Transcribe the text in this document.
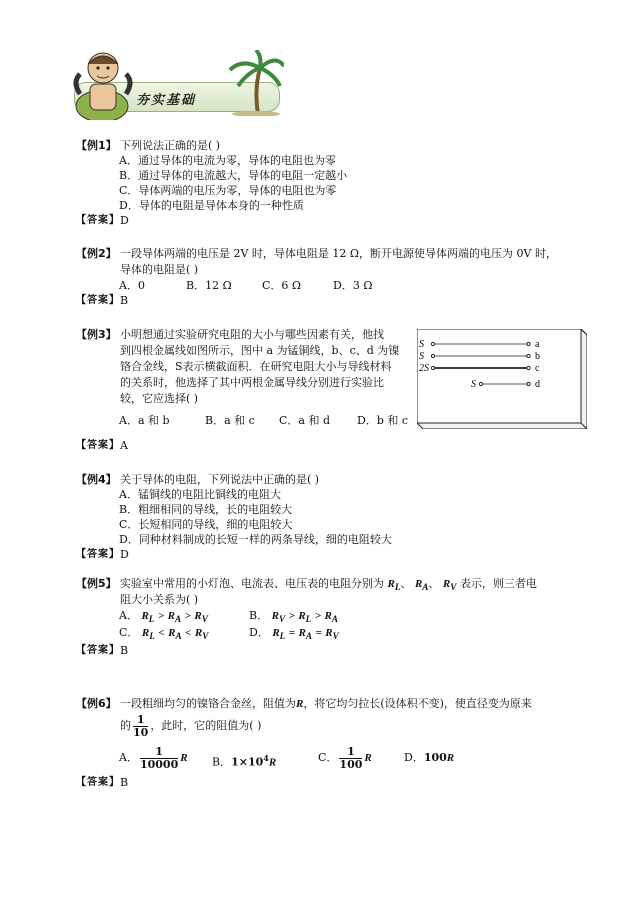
夯实基础
【例1】 下列说法正确的是( )
A．通过导体的电流为零，导体的电阻也为零
B．通过导体的电流越大，导体的电阻一定越小
C．导体两端的电压为零，导体的电阻也为零
D．导体的电阻是导体本身的一种性质
【答案】 D
【例2】 一段导体两端的电压是 2V 时，导体电阻是 12 Ω，断开电源使导体两端的电压为 0V 时，
导体的电阻是( )
A．0	B．12 Ω	C．6 Ω	D．3 Ω
【答案】 B
【例3】 小明想通过实验研究电阻的大小与哪些因素有关，他找
到四根金属线如图所示，图中 a 为锰铜线，b、c、d 为镍
铬合金线，S表示横截面积．在研究电阻大小与导线材料
的关系时，他选择了其中两根金属导线分别进行实验比
较，它应选择( )
A．a 和 b	B．a 和 c C．a 和 d D．b 和 c
【答案】 A
S
S
2S
S
a
b
c
d
【例4】 关于导体的电阻，下列说法中正确的是( )
A．锰铜线的电阻比铜线的电阻大
B．粗细相同的导线，长的电阻较大
C．长短相同的导线，细的电阻较大
D．同种材料制成的长短一样的两条导线，细的电阻较大
【答案】 D
【例5】 实验室中常用的小灯泡、电流表、电压表的电阻分别为 $R_L$、 $R_A$、 $R_V$ 表示，则三者电
阻大小关系为( )
A． $R_L > R_A > R_V$	B． $R_V > R_L > R_A$
C． $R_L < R_A < R_V$	D． $R_L = R_A = R_V$
【答案】 B
【例6】 一段粗细均匀的镍铬合金丝，阻值为R，将它均匀拉长(设体积不变)，使直径变为原来
的 $\frac{1}{10}$ ，此时，它的阻值为( )
A． $\frac{1}{10000}$ R B．$1\times 10^4R$	C． $\frac{1}{100}$ R	D．100R
【答案】 B
